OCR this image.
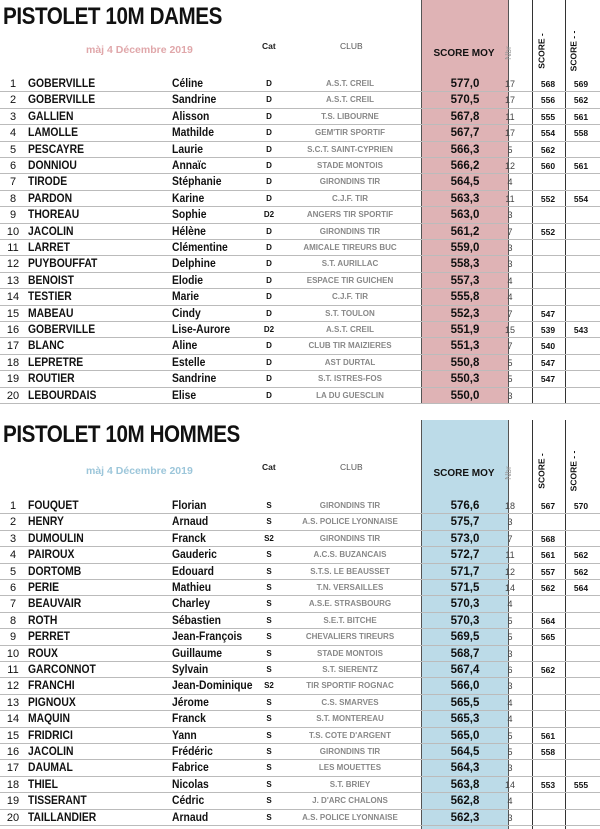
PISTOLET 10M DAMES
màj 4 Décembre 2019	Cat	CLUB
SCORE MOY Nbr	SCORE -	SCORE - -
1	GOBERVILLE	Céline	D	A.S.T. CREIL	577,0	17	568	569
2	GOBERVILLE	Sandrine	D	A.S.T. CREIL	570,5	17	556	562
3	GALLIEN	Alisson	D	T.S. LIBOURNE	567,8	11	555	561
4	LAMOLLE	Mathilde	D	GEM'TIR SPORTIF	567,7	17	554	558
5	PESCAYRE	Laurie	D	S.C.T. SAINT-CYPRIEN	566,3	5	562
6	DONNIOU	Annaïc	D	STADE MONTOIS	566,2	12	560	561
7	TIRODE	Stéphanie	D	GIRONDINS TIR	564,5	4
8	PARDON	Karine	D	C.J.F. TIR	563,3	11	552	554
9	THOREAU	Sophie	D2	ANGERS TIR SPORTIF	563,0	3
10 JACOLIN	Hélène	D	GIRONDINS TIR	561,2	7	552
11 LARRET	Clémentine	D	AMICALE TIREURS BUC	559,0	3
12 PUYBOUFFAT	Delphine	D	S.T. AURILLAC	558,3	3
13 BENOIST	Elodie	D	ESPACE TIR GUICHEN	557,3	4
14 TESTIER	Marie	D	C.J.F. TIR	555,8	4
15 MABEAU	Cindy	D	S.T. TOULON	552,3	7	547
16 GOBERVILLE	Lise-Aurore	D2	A.S.T. CREIL	551,9	15	539	543
17 BLANC	Aline	D	CLUB TIR MAIZIERES	551,3	7	540
18 LEPRETRE	Estelle	D	AST DURTAL	550,8	5	547
19 ROUTIER	Sandrine	D	S.T. ISTRES-FOS	550,3	5	547
20 LEBOURDAIS	Elise	D	LA DU GUESCLIN	550,0	3
PISTOLET 10M HOMMES
màj 4 Décembre 2019	Cat	CLUB
SCORE MOY Nbr	SCORE -	SCORE - -
1	FOUQUET	Florian	S	GIRONDINS TIR	576,6	18	567	570
2	HENRY	Arnaud	S	A.S. POLICE LYONNAISE	575,7	3
3	DUMOULIN	Franck	S2	GIRONDINS TIR	573,0	7	568
4	PAIROUX	Gauderic	S	A.C.S. BUZANCAIS	572,7	11	561	562
5	DORTOMB	Edouard	S	S.T.S. LE BEAUSSET	571,7	12	557	562
6	PERIE	Mathieu	S	T.N. VERSAILLES	571,5	14	562	564
7	BEAUVAIR	Charley	S	A.S.E. STRASBOURG	570,3	4
8	ROTH	Sébastien	S	S.E.T. BITCHE	570,3	5	564
9	PERRET	Jean-François	S	CHEVALIERS TIREURS	569,5	5	565
10 ROUX	Guillaume	S	STADE MONTOIS	568,7	3
11 GARCONNOT	Sylvain	S	S.T. SIERENTZ	567,4	6	562
12 FRANCHI	Jean-Dominique	S2	TIR SPORTIF ROGNAC	566,0	3
13 PIGNOUX	Jérome	S	C.S. SMARVES	565,5	4
14 MAQUIN	Franck	S	S.T. MONTEREAU	565,3	4
15 FRIDRICI	Yann	S	T.S. COTE D'ARGENT	565,0	5	561
16 JACOLIN	Frédéric	S	GIRONDINS TIR	564,5	5	558
17 DAUMAL	Fabrice	S	LES MOUETTES	564,3	3
18 THIEL	Nicolas	S	S.T. BRIEY	563,8	14	553	555
19 TISSERANT	Cédric	S	J. D'ARC CHALONS	562,8	4
20 TAILLANDIER	Arnaud	S	A.S. POLICE LYONNAISE	562,3	3
